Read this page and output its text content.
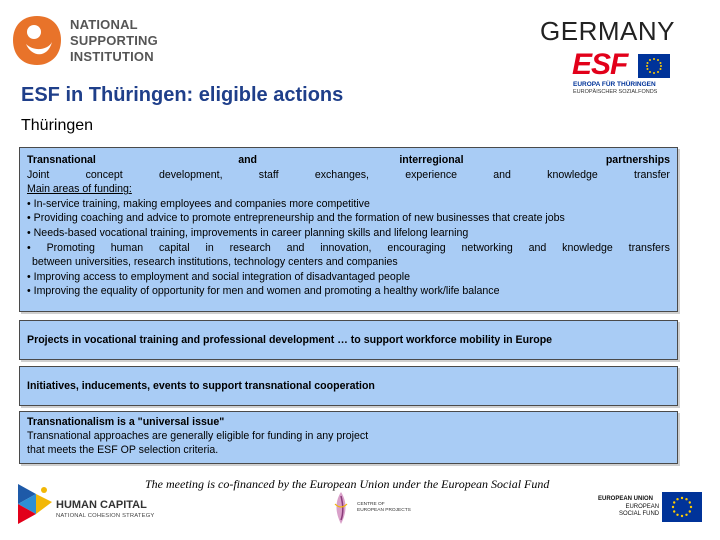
NATIONAL
SUPPORTING
INSTITUTION
GERMANY
ESF
EUROPA FÜR THÜRINGEN
EUROPÄISCHER SOZIALFONDS
ESF in Thüringen: eligible actions
Thüringen
Transnational	and	interregional	partnerships
Joint	concept	development,	staff	exchanges,	experience	and	knowledge	transfer
Main areas of funding:
• In-service training, making employees and companies more competitive
• Providing coaching and advice to promote entrepreneurship and the formation of new businesses that create jobs
• Needs-based vocational training, improvements in career planning skills and lifelong learning
• Promoting human capital in research and innovation, encouraging networking and knowledge transfers
between universities, research institutions, technology centers and companies
• Improving access to employment and social integration of disadvantaged people
• Improving the equality of opportunity for men and women and promoting a healthy work/life balance
Projects in vocational training and professional development … to support workforce mobility in Europe
Initiatives, inducements, events to support transnational cooperation
Transnationalism is a "universal issue"
Transnational approaches are generally eligible for funding in any project
that meets the ESF OP selection criteria.
The meeting is co-financed by the European Union under the European Social Fund
HUMAN CAPITAL
NATIONAL COHESION STRATEGY
CENTRE OF
EUROPEAN PROJECTS
EUROPEAN UNION
EUROPEAN
SOCIAL FUND
